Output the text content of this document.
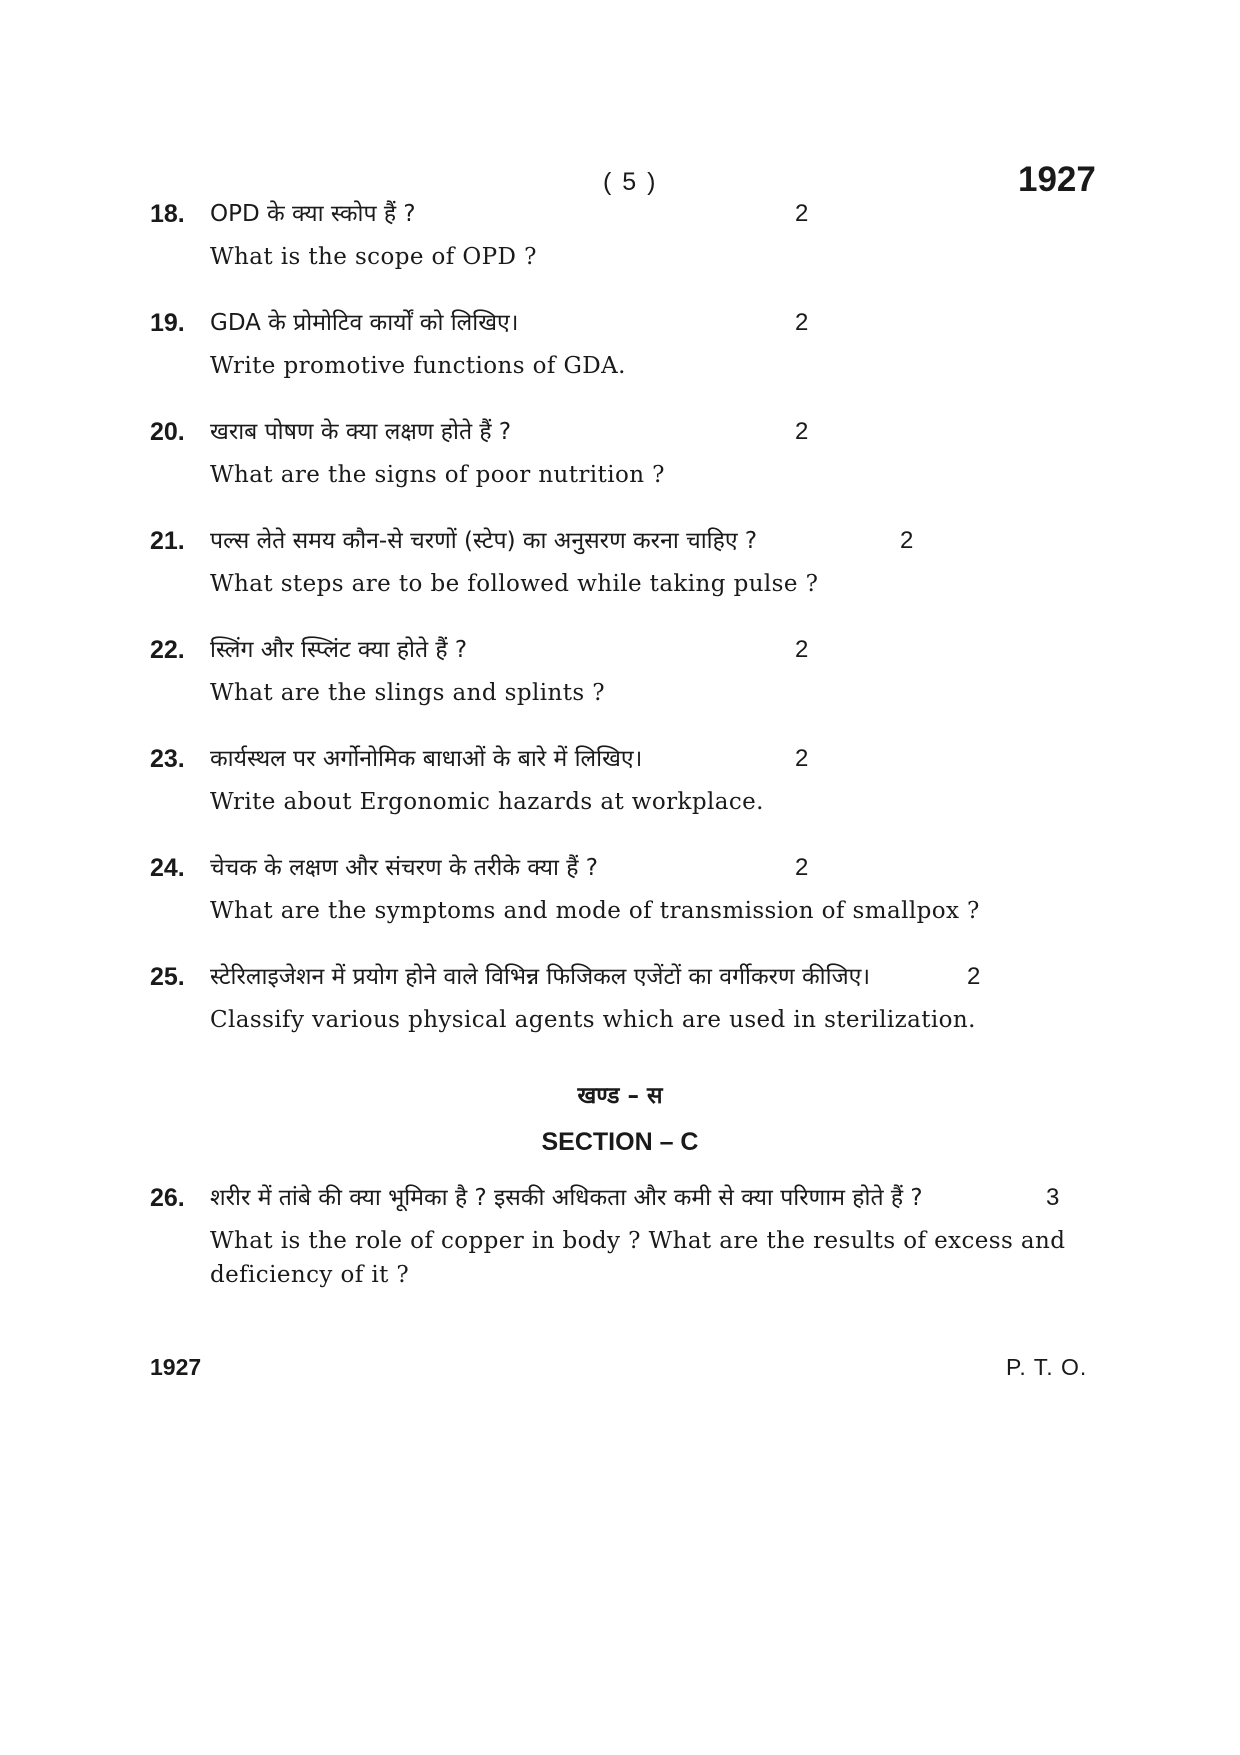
( 5 )	1927
18. OPD के क्या स्कोप हैं ?	2
What is the scope of OPD ?
19. GDA के प्रोमोटिव कार्यों को लिखिए।	2
Write promotive functions of GDA.
20. खराब पोषण के क्या लक्षण होते हैं ?	2
What are the signs of poor nutrition ?
21. पल्स लेते समय कौन-से चरणों (स्टेप) का अनुसरण करना चाहिए ?	2
What steps are to be followed while taking pulse ?
22. स्लिंग और स्प्लिंट क्या होते हैं ?	2
What are the slings and splints ?
23. कार्यस्थल पर अर्गोनोमिक बाधाओं के बारे में लिखिए।	2
Write about Ergonomic hazards at workplace.
24. चेचक के लक्षण और संचरण के तरीके क्या हैं ?	2
What are the symptoms and mode of transmission of smallpox ?
25. स्टेरिलाइजेशन में प्रयोग होने वाले विभिन्न फिजिकल एजेंटों का वर्गीकरण कीजिए।	2
Classify various physical agents which are used in sterilization.
खण्ड – स
SECTION – C
26. शरीर में तांबे की क्या भूमिका है ? इसकी अधिकता और कमी से क्या परिणाम होते हैं ?	3
What is the role of copper in body ? What are the results of excess and deficiency of it ?
1927	P. T. O.
